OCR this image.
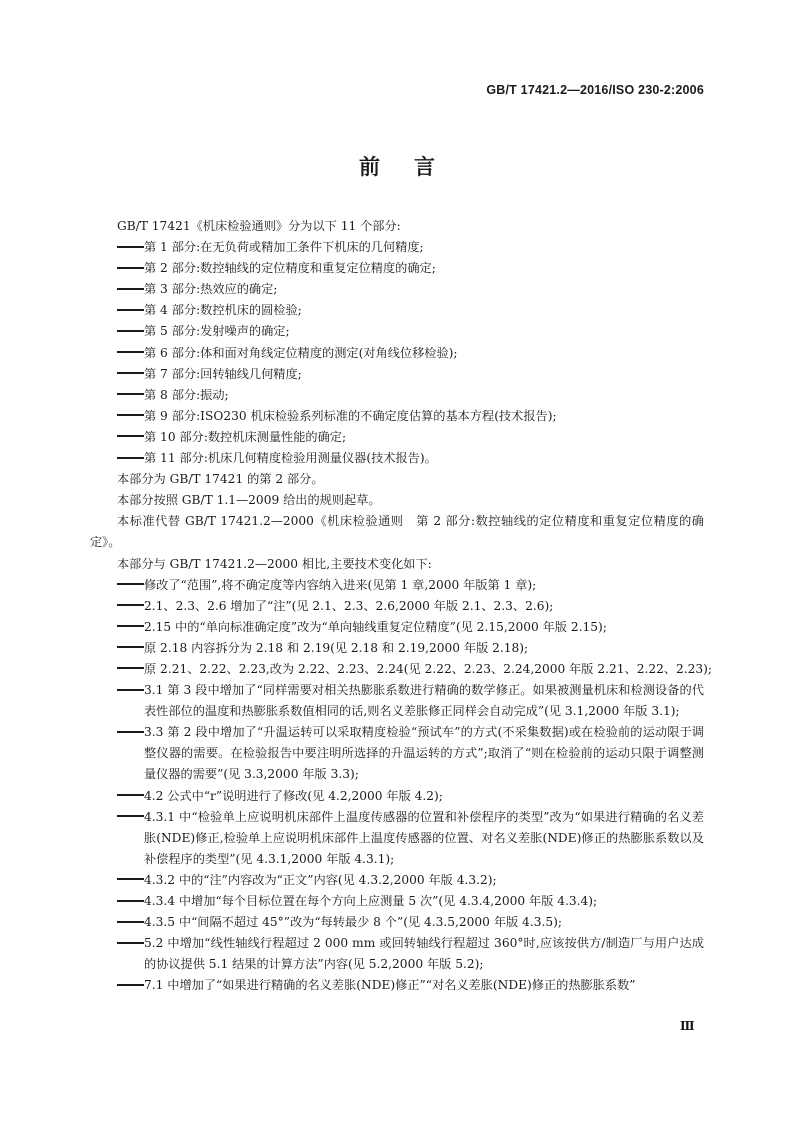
GB/T 17421.2—2016/ISO 230-2:2006
前言

GB/T 17421《机床检验通则》分为以下 11 个部分:

第 1 部分:在无负荷或精加工条件下机床的几何精度;
第 2 部分:数控轴线的定位精度和重复定位精度的确定;
第 3 部分:热效应的确定;
第 4 部分:数控机床的圆检验;
第 5 部分:发射噪声的确定;
第 6 部分:体和面对角线定位精度的测定(对角线位移检验);
第 7 部分:回转轴线几何精度;
第 8 部分:振动;
第 9 部分:ISO230 机床检验系列标准的不确定度估算的基本方程(技术报告);
第 10 部分:数控机床测量性能的确定;
第 11 部分:机床几何精度检验用测量仪器(技术报告)。

本部分为 GB/T 17421 的第 2 部分。

本部分按照 GB/T 1.1—2009 给出的规则起草。

本标准代替 GB/T 17421.2—2000《机床检验通则　第 2 部分:数控轴线的定位精度和重复定位精度的确定》。

本部分与 GB/T 17421.2—2000 相比,主要技术变化如下:

修改了“范围”,将不确定度等内容纳入进来(见第 1 章,2000 年版第 1 章);
2.1、2.3、2.6 增加了“注”(见 2.1、2.3、2.6,2000 年版 2.1、2.3、2.6);
2.15 中的“单向标准确定度”改为“单向轴线重复定位精度”(见 2.15,2000 年版 2.15);
原 2.18 内容拆分为 2.18 和 2.19(见 2.18 和 2.19,2000 年版 2.18);
原 2.21、2.22、2.23,改为 2.22、2.23、2.24(见 2.22、2.23、2.24,2000 年版 2.21、2.22、2.23);
3.1 第 3 段中增加了“同样需要对相关热膨胀系数进行精确的数学修正。如果被测量机床和检测设备的代表性部位的温度和热膨胀系数值相同的话,则名义差胀修正同样会自动完成”(见 3.1,2000 年版 3.1);
3.3 第 2 段中增加了“升温运转可以采取精度检验“预试车”的方式(不采集数据)或在检验前的运动限于调整仪器的需要。在检验报告中要注明所选择的升温运转的方式”;取消了“则在检验前的运动只限于调整测量仪器的需要”(见 3.3,2000 年版 3.3);
4.2 公式中“r”说明进行了修改(见 4.2,2000 年版 4.2);
4.3.1 中“检验单上应说明机床部件上温度传感器的位置和补偿程序的类型”改为“如果进行精确的名义差胀(NDE)修正,检验单上应说明机床部件上温度传感器的位置、对名义差胀(NDE)修正的热膨胀系数以及补偿程序的类型”(见 4.3.1,2000 年版 4.3.1);
4.3.2 中的“注”内容改为“正文”内容(见 4.3.2,2000 年版 4.3.2);
4.3.4 中增加“每个目标位置在每个方向上应测量 5 次”(见 4.3.4,2000 年版 4.3.4);
4.3.5 中“间隔不超过 45°”改为“每转最少 8 个”(见 4.3.5,2000 年版 4.3.5);
5.2 中增加“线性轴线行程超过 2 000 mm 或回转轴线行程超过 360°时,应该按供方/制造厂与用户达成的协议提供 5.1 结果的计算方法”内容(见 5.2,2000 年版 5.2);
7.1 中增加了“如果进行精确的名义差胀(NDE)修正”“对名义差胀(NDE)修正的热膨胀系数”
Ⅲ
